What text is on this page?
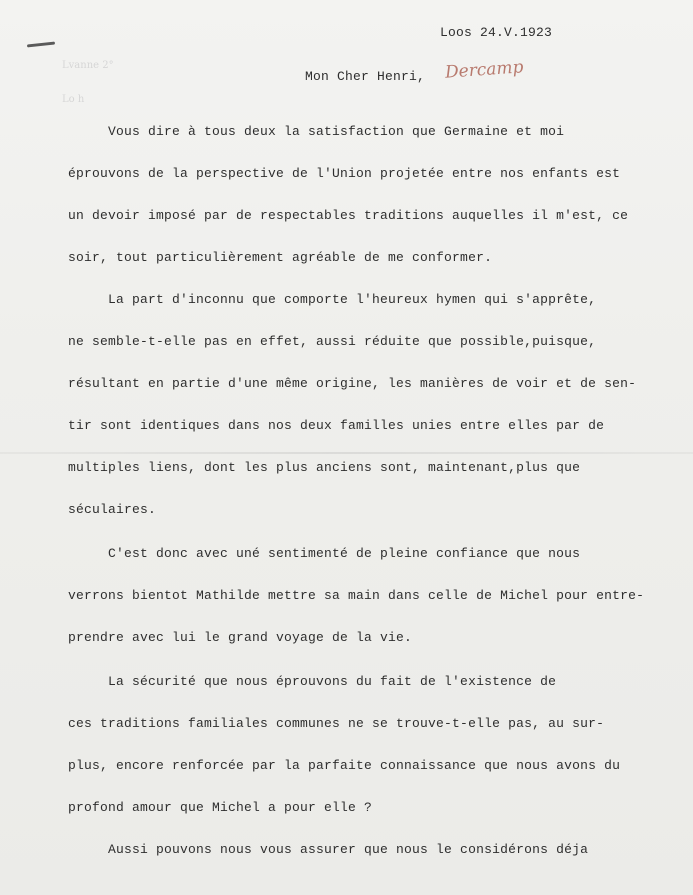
Lvanne 2°
Lo h
Loos 24.V.1923
Mon Cher Henri, Dercamp
Vous dire à tous deux la satisfaction que Germaine et moi
éprouvons de la perspective de l'Union projetée entre nos enfants est
un devoir imposé par de respectables traditions auquelles il m'est, ce
soir, tout particulièrement agréable de me conformer.
La part d'inconnu que comporte l'heureux hymen qui s'apprête,
ne semble-t-elle pas en effet, aussi réduite que possible,puisque,
résultant en partie d'une même origine, les manières de voir et de sen-
tir sont identiques dans nos deux familles unies entre elles par de
multiples liens, dont les plus anciens sont, maintenant,plus que
séculaires.
C'est donc avec uné sentimenté de pleine confiance que nous
verrons bientot Mathilde mettre sa main dans celle de Michel pour entre-
prendre avec lui le grand voyage de la vie.
La sécurité que nous éprouvons du fait de l'existence de
ces traditions familiales communes ne se trouve-t-elle pas, au sur-
plus, encore renforcée par la parfaite connaissance que nous avons du
profond amour que Michel a pour elle ?
Aussi pouvons nous vous assurer que nous le considérons déja
